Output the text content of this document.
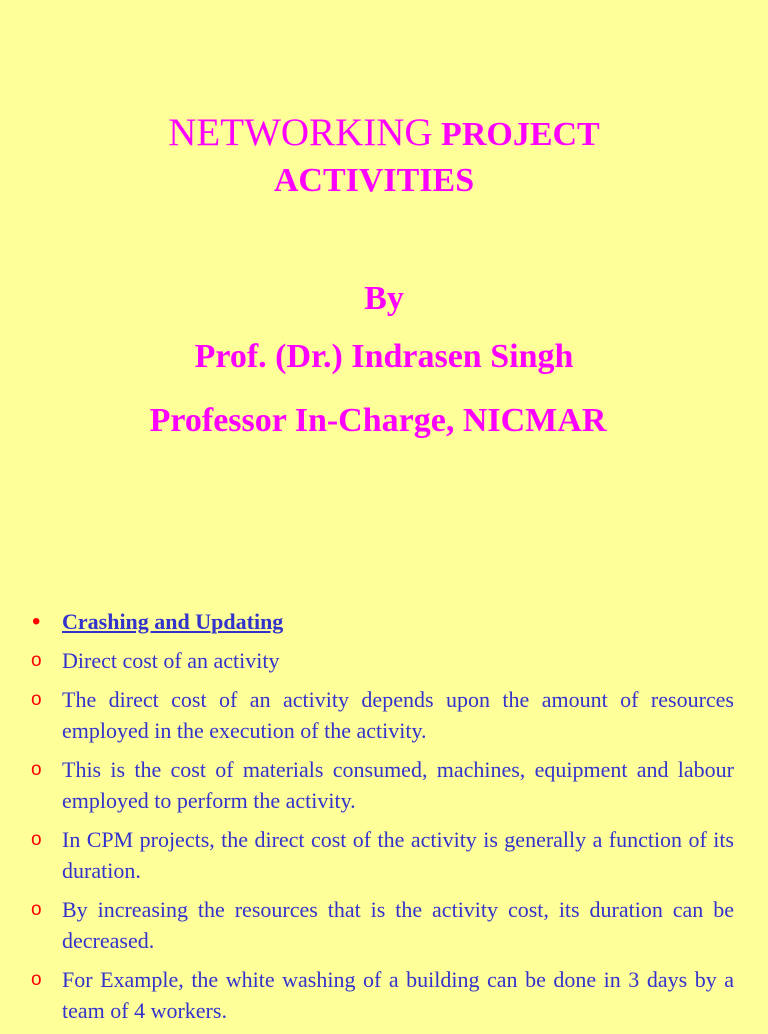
NETWORKING PROJECT
ACTIVITIES
By
Prof. (Dr.) Indrasen Singh
Professor In-Charge, NICMAR
• Crashing and Updating
o Direct cost of an activity
o The direct cost of an activity depends upon the amount of resources employed in the execution of the activity.
o This is the cost of materials consumed, machines, equipment and labour employed to perform the activity.
o In CPM projects, the direct cost of the activity is generally a function of its duration.
o By increasing the resources that is the activity cost, its duration can be decreased.
o For Example, the white washing of a building can be done in 3 days by a team of 4 workers.
